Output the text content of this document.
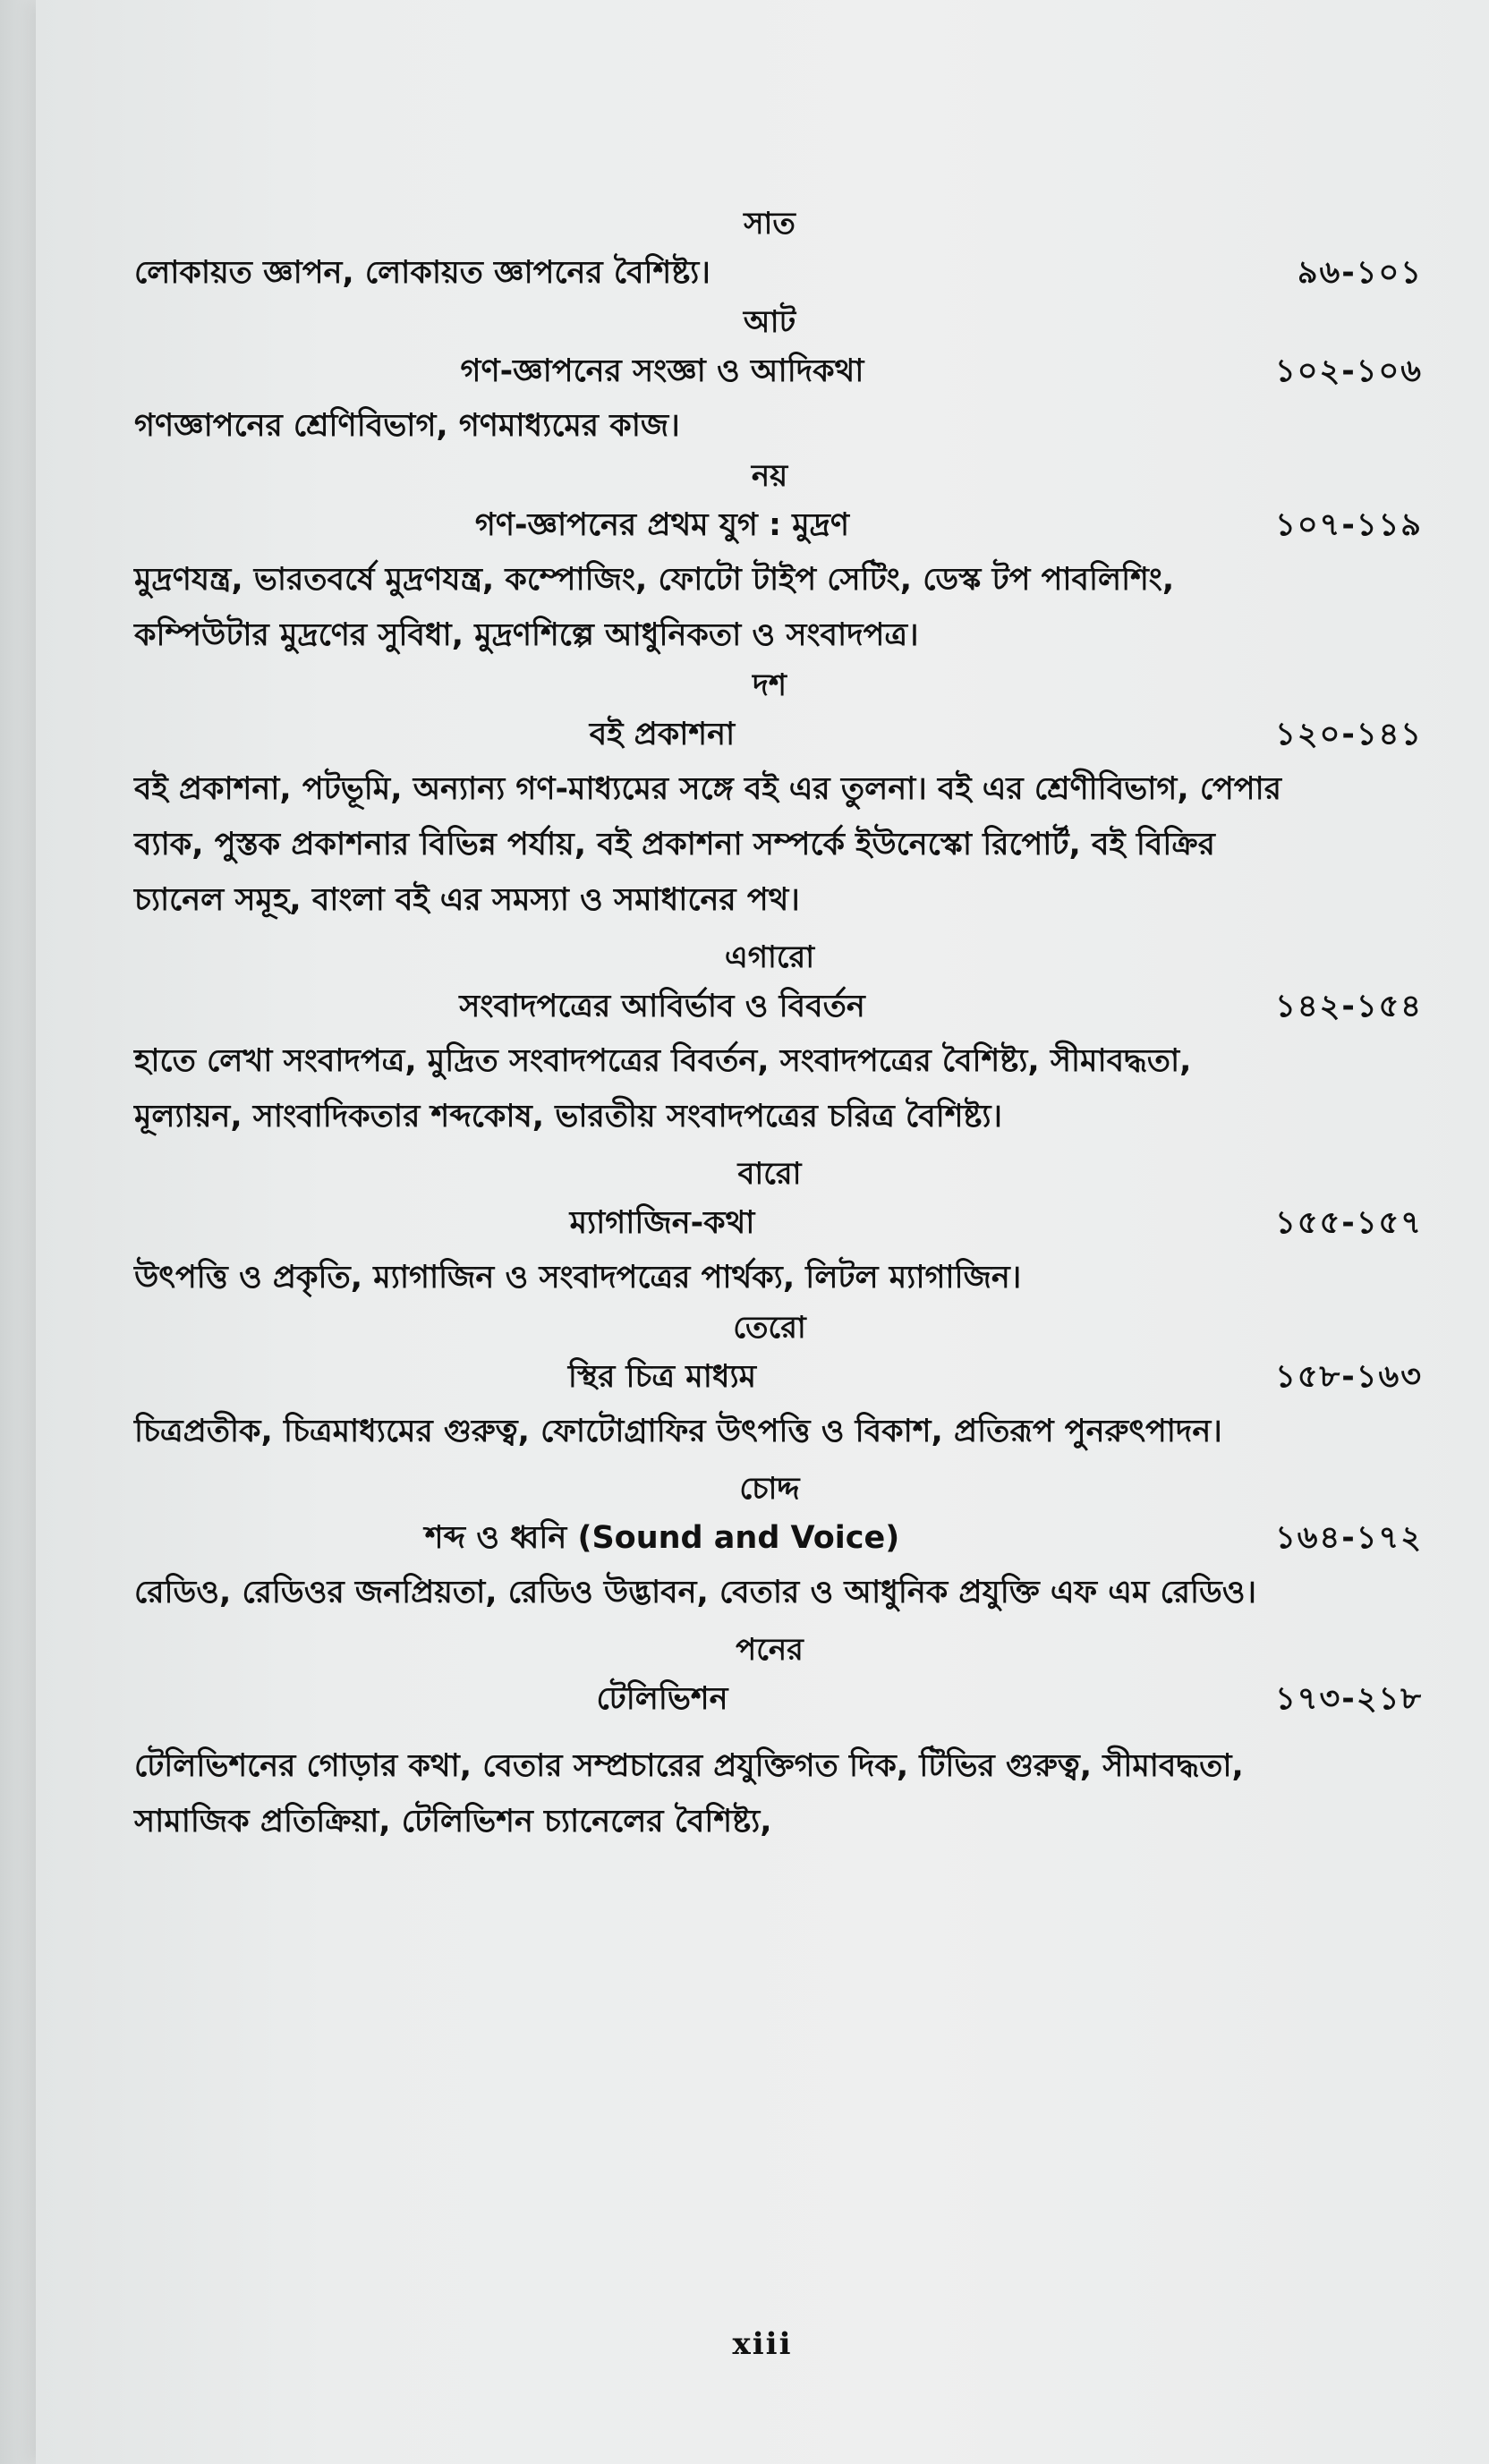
সাত
লোকায়ত জ্ঞাপন, লোকায়ত জ্ঞাপনের বৈশিষ্ট্য।	৯৬-১০১
আট
গণ-জ্ঞাপনের সংজ্ঞা ও আদিকথা	১০২-১০৬
গণজ্ঞাপনের শ্রেণিবিভাগ, গণমাধ্যমের কাজ।
নয়
গণ-জ্ঞাপনের প্রথম যুগ : মুদ্রণ	১০৭-১১৯
মুদ্রণযন্ত্র, ভারতবর্ষে মুদ্রণযন্ত্র, কম্পোজিং, ফোটো টাইপ সেটিং, ডেস্ক টপ পাবলিশিং, কম্পিউটার মুদ্রণের সুবিধা, মুদ্রণশিল্পে আধুনিকতা ও সংবাদপত্র।
দশ
বই প্রকাশনা	১২০-১৪১
বই প্রকাশনা, পটভূমি, অন্যান্য গণ-মাধ্যমের সঙ্গে বই এর তুলনা। বই এর শ্রেণীবিভাগ, পেপার ব্যাক, পুস্তক প্রকাশনার বিভিন্ন পর্যায়, বই প্রকাশনা সম্পর্কে ইউনেস্কো রিপোর্ট, বই বিক্রির চ্যানেল সমূহ, বাংলা বই এর সমস্যা ও সমাধানের পথ।
এগারো
সংবাদপত্রের আবির্ভাব ও বিবর্তন	১৪২-১৫৪
হাতে লেখা সংবাদপত্র, মুদ্রিত সংবাদপত্রের বিবর্তন, সংবাদপত্রের বৈশিষ্ট্য, সীমাবদ্ধতা, মূল্যায়ন, সাংবাদিকতার শব্দকোষ, ভারতীয় সংবাদপত্রের চরিত্র বৈশিষ্ট্য।
বারো
ম্যাগাজিন-কথা	১৫৫-১৫৭
উৎপত্তি ও প্রকৃতি, ম্যাগাজিন ও সংবাদপত্রের পার্থক্য, লিটল ম্যাগাজিন।
তেরো
স্থির চিত্র মাধ্যম	১৫৮-১৬৩
চিত্রপ্রতীক, চিত্রমাধ্যমের গুরুত্ব, ফোটোগ্রাফির উৎপত্তি ও বিকাশ, প্রতিরূপ পুনরুৎপাদন।
চোদ্দ
শব্দ ও ধ্বনি (Sound and Voice)	১৬৪-১৭২
রেডিও, রেডিওর জনপ্রিয়তা, রেডিও উদ্ভাবন, বেতার ও আধুনিক প্রযুক্তি এফ এম রেডিও।
পনের
টেলিভিশন	১৭৩-২১৮
টেলিভিশনের গোড়ার কথা, বেতার সম্প্রচারের প্রযুক্তিগত দিক, টিভির গুরুত্ব, সীমাবদ্ধতা, সামাজিক প্রতিক্রিয়া, টেলিভিশন চ্যানেলের বৈশিষ্ট্য,
xiii
